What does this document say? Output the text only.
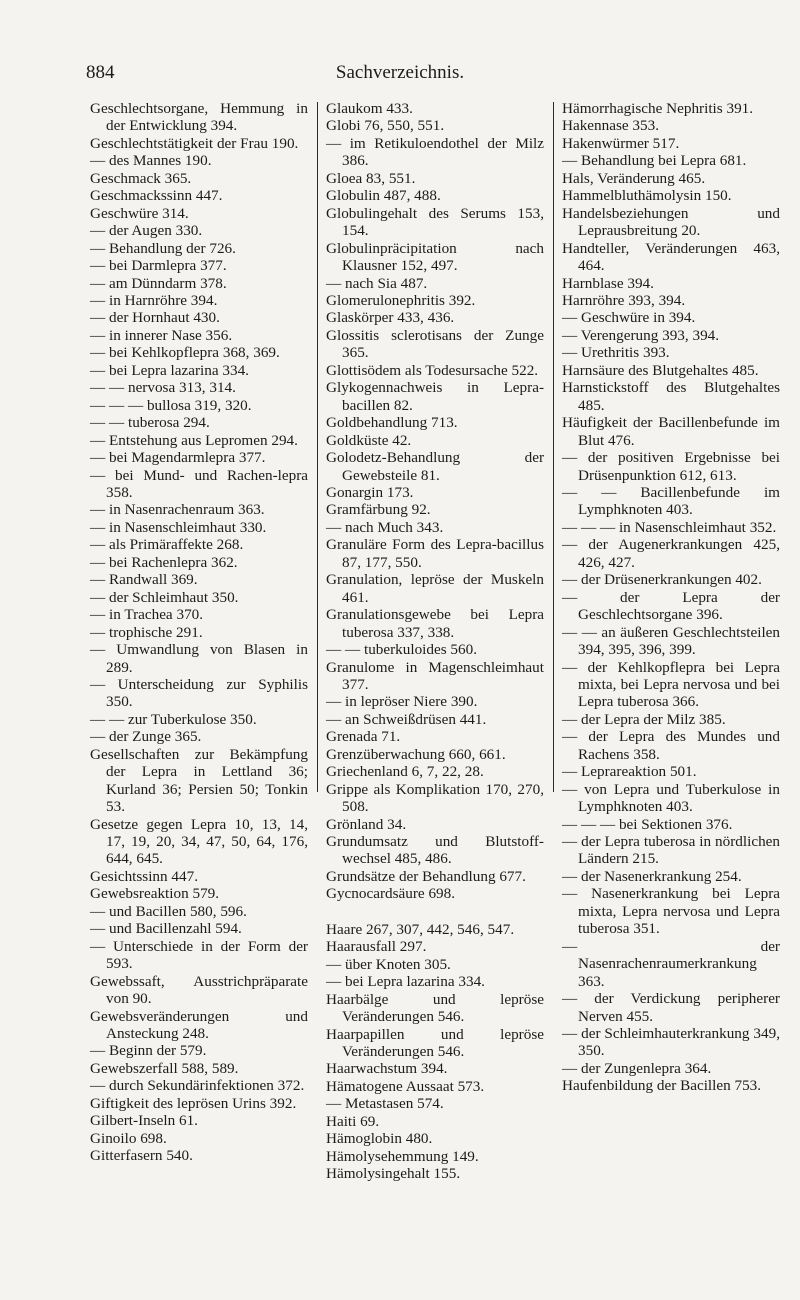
884	Sachverzeichnis.

Geschlechtsorgane, Hemmung in der Entwicklung 394.

Geschlechtstätigkeit der Frau 190.

— des Mannes 190.

Geschmack 365.

Geschmackssinn 447.

Geschwüre 314.

— der Augen 330.

— Behandlung der 726.

— bei Darmlepra 377.

— am Dünndarm 378.

— in Harnröhre 394.

— der Hornhaut 430.

— in innerer Nase 356.

— bei Kehlkopflepra 368, 369.

— bei Lepra lazarina 334.

— — nervosa 313, 314.

— — — bullosa 319, 320.

— — tuberosa 294.

— Entstehung aus Lepromen 294.

— bei Magendarmlepra 377.

— bei Mund- und Rachen-lepra 358.

— in Nasenrachenraum 363.

— in Nasenschleimhaut 330.

— als Primäraffekte 268.

— bei Rachenlepra 362.

— Randwall 369.

— der Schleimhaut 350.

— in Trachea 370.

— trophische 291.

— Umwandlung von Blasen in 289.

— Unterscheidung zur Syphilis 350.

— — zur Tuberkulose 350.

— der Zunge 365.

Gesellschaften zur Bekämpfung der Lepra in Lettland 36; Kurland 36; Persien 50; Tonkin 53.

Gesetze gegen Lepra 10, 13, 14, 17, 19, 20, 34, 47, 50, 64, 176, 644, 645.

Gesichtssinn 447.

Gewebsreaktion 579.

— und Bacillen 580, 596.

— und Bacillenzahl 594.

— Unterschiede in der Form der 593.

Gewebssaft, Ausstrichpräparate von 90.

Gewebsveränderungen und Ansteckung 248.

— Beginn der 579.

Gewebszerfall 588, 589.

— durch Sekundärinfektionen 372.

Giftigkeit des leprösen Urins 392.

Gilbert-Inseln 61.

Ginoilo 698.

Gitterfasern 540.

Glaukom 433.

Globi 76, 550, 551.

— im Retikuloendothel der Milz 386.

Gloea 83, 551.

Globulin 487, 488.

Globulingehalt des Serums 153, 154.

Globulinpräcipitation nach Klausner 152, 497.

— nach Sia 487.

Glomerulonephritis 392.

Glaskörper 433, 436.

Glossitis sclerotisans der Zunge 365.

Glottisödem als Todesursache 522.

Glykogennachweis in Lepra-bacillen 82.

Goldbehandlung 713.

Goldküste 42.

Golodetz-Behandlung der Gewebsteile 81.

Gonargin 173.

Gramfärbung 92.

— nach Much 343.

Granuläre Form des Lepra-bacillus 87, 177, 550.

Granulation, lepröse der Muskeln 461.

Granulationsgewebe bei Lepra tuberosa 337, 338.

— — tuberkuloides 560.

Granulome in Magenschleimhaut 377.

— in lepröser Niere 390.

— an Schweißdrüsen 441.

Grenada 71.

Grenzüberwachung 660, 661.

Griechenland 6, 7, 22, 28.

Grippe als Komplikation 170, 270, 508.

Grönland 34.

Grundumsatz und Blutstoff-wechsel 485, 486.

Grundsätze der Behandlung 677.

Gycnocardsäure 698.

Haare 267, 307, 442, 546, 547.

Haarausfall 297.

— über Knoten 305.

— bei Lepra lazarina 334.

Haarbälge und lepröse Veränderungen 546.

Haarpapillen und lepröse Veränderungen 546.

Haarwachstum 394.

Hämatogene Aussaat 573.

— Metastasen 574.

Haiti 69.

Hämoglobin 480.

Hämolysehemmung 149.

Hämolysingehalt 155.

Hämorrhagische Nephritis 391.

Hakennase 353.

Hakenwürmer 517.

— Behandlung bei Lepra 681.

Hals, Veränderung 465.

Hammelbluthämolysin 150.

Handelsbeziehungen und Leprausbreitung 20.

Handteller, Veränderungen 463, 464.

Harnblase 394.

Harnröhre 393, 394.

— Geschwüre in 394.

— Verengerung 393, 394.

— Urethritis 393.

Harnsäure des Blutgehaltes 485.

Harnstickstoff des Blutgehaltes 485.

Häufigkeit der Bacillenbefunde im Blut 476.

— der positiven Ergebnisse bei Drüsenpunktion 612, 613.

— — Bacillenbefunde im Lymphknoten 403.

— — — in Nasenschleimhaut 352.

— der Augenerkrankungen 425, 426, 427.

— der Drüsenerkrankungen 402.

— der Lepra der Geschlechtsorgane 396.

— — an äußeren Geschlechtsteilen 394, 395, 396, 399.

— der Kehlkopflepra bei Lepra mixta, bei Lepra nervosa und bei Lepra tuberosa 366.

— der Lepra der Milz 385.

— der Lepra des Mundes und Rachens 358.

— Leprareaktion 501.

— von Lepra und Tuberkulose in Lymphknoten 403.

— — — bei Sektionen 376.

— der Lepra tuberosa in nördlichen Ländern 215.

— der Nasenerkrankung 254.

— Nasenerkrankung bei Lepra mixta, Lepra nervosa und Lepra tuberosa 351.

— der Nasenrachenraumerkrankung 363.

— der Verdickung peripherer Nerven 455.

— der Schleimhauterkrankung 349, 350.

— der Zungenlepra 364.

Haufenbildung der Bacillen 753.
